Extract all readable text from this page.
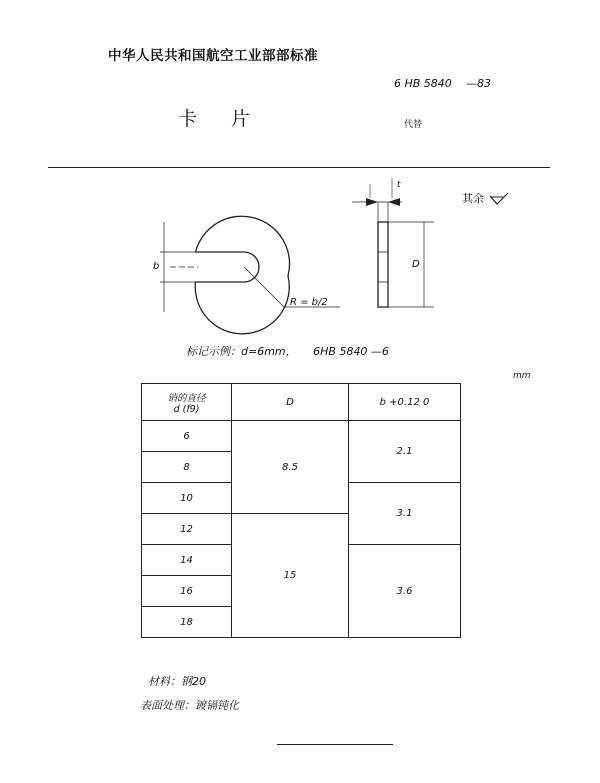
中华人民共和国航空工业部部标准
6 HB 5840 —83
卡 片	代替
其余
t
b	D
R = b/2
标记示例：d=6mm，　　6HB 5840 —6
mm
销的直径
d (f9)	D	b +0.12 0
6	8.5	2.1
8		
10		3.1
12	15	
14		3.6
16		
18		
材料：钢20
表面处理：镀镉钝化
